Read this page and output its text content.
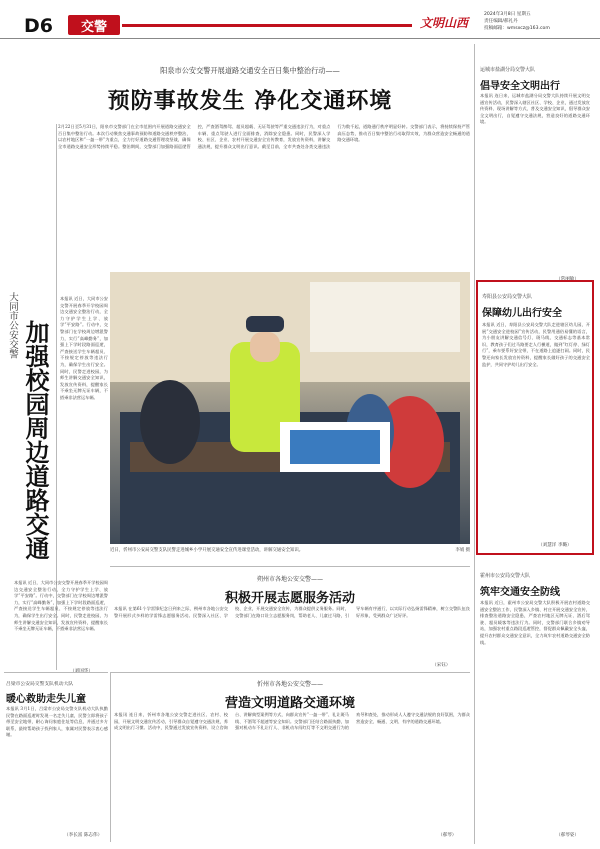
D6	交警	文明山西
2024年3月8日 星期五
责任编辑/郝礼丹
投稿邮箱：wmsxcz@163.com
阳泉市公安交警开展道路交通安全百日集中整治行动——
预防事故发生 净化交通环境
2月22日至5月31日，阳泉市交警部门在全市范围内开展道路交通安全百日集中整治行动。本次行动聚焦交通事故预防和道路交通秩序整治，以农村地区和“一盔一带”为重点，全力打好道路交通管理攻坚战，确保全市道路交通安全形势持续平稳。整治期间，交警部门加强路面巡逻管控，严查酒驾醉驾、超员超载、无证驾驶等严重交通违法行为，对重点车辆、重点驾驶人进行全面排查，消除安全隐患。同时，民警深入学校、社区、企业、农村开展交通安全宣传教育，发放宣传资料，讲解交通法规，提升群众文明出行意识。截至目前，全市共查处各类交通违法行为数千起，道路通行秩序明显好转。交警部门表示，将持续保持严管高压态势，推动百日集中整治行动取得实效，为群众营造安全畅通的道路交通环境。
大同市公安交警 加强校园周边道路交通
本报讯 近日，大同市公安交警开展春季开学校园周边交通安全整治行动，全力守护学生上学、放学“平安路”。行动中，交警部门在学校周边增派警力，实行“高峰勤务”，加强上下学时段路面巡逻，严查接送学生车辆超员、不按规定停放等违法行为，确保学生出行安全。同时，民警走进校园，为师生讲解交通安全知识，发放宣传资料，提醒家长不乘坐无牌无证车辆，不搭乘非法营运车辆。
本报讯 近日，大同市公安交警开展春季开学校园周边交通安全整治行动，全力守护学生上学、放学“平安路”。行动中，交警部门在学校周边增派警力，实行“高峰勤务”，加强上下学时段路面巡逻，严查接送学生车辆超员、不按规定停放等违法行为，确保学生出行安全。同时，民警走进校园，为师生讲解交通安全知识，发放宣传资料，提醒家长不乘坐无牌无证车辆，不搭乘非法营运车辆。
近日，忻州市公安局交警支队民警走进城乡小学开展交通安全宣传进课堂活动，讲解交通安全知识。	李娟 摄
朔州市各地公安交警——
积极开展志愿服务活动
本报讯 在第61个学雷锋纪念日到来之际，朔州市各地公安交警开展形式多样的学雷锋志愿服务活动。民警深入社区、学校、企业，开展交通安全宣传，为群众提供义务服务。同时，交警部门在路口设立志愿服务岗，帮助老人、儿童过马路，引导车辆有序通行，以实际行动弘扬雷锋精神，树立交警队伍良好形象，受到群众广泛好评。
（宋钰）
吕梁市公安局交警支队机动大队
暖心救助走失儿童
本报讯 3月1日，吕梁市公安局交警支队机动大队执勤民警在路面巡逻时发现一名走失儿童，民警立即将孩子带至安全地带，耐心询问家庭住址等信息，并通过多方联系，最终帮助孩子找到家人，家属对民警表示衷心感谢。
（李长富 陈志伟）
忻州市各地公安交警——
营造文明道路交通环境
本报讯 连日来，忻州市各地公安交警走进社区、农村、校园，开展文明交通宣传活动，引导群众自觉遵守交通法规，养成文明出行习惯。活动中，民警通过发放宣传资料、设立咨询台、讲解典型案例等方式，向群众宣传“一盔一带”、礼让斑马线、不酒驾不超速等安全知识。交警部门还结合路面执勤，加强对机动车不礼让行人、非机动车闯红灯等不文明交通行为的劝导和查处，推动形成人人遵守交通法规的良好氛围，为群众营造安全、畅通、文明、有序的道路交通环境。
（郝琴）
运城市盐湖分局交警大队
倡导安全文明出行
本报讯 连日来，运城市盐湖分局交警大队持续开展文明交通宣传活动，民警深入辖区社区、学校、企业，通过发放宣传资料、现场讲解等方式，普及交通安全知识，倡导群众安全文明出行，自觉遵守交通法规，营造良好的道路交通环境。
寿阳县公安局交警大队
保障幼儿出行安全
本报讯 近日，寿阳县公安局交警大队走进辖区幼儿园，开展“交通安全进校园”宣传活动，民警用通俗易懂的语言，为小朋友讲解交通信号灯、斑马线、交通标志等基本常识，教育孩子们过马路要走人行横道，做到“红灯停、绿灯行”，乘车要系好安全带，不在道路上追逐打闹。同时，民警还向家长发放宣传资料，提醒家长做好孩子的交通安全监护，共同守护幼儿出行安全。
（刘慧洋 李璐）
霍州市公安局交警大队
筑牢交通安全防线
本报讯 近日，霍州市公安局交警大队积极开展农村道路交通安全整治工作，民警深入乡镇、村庄开展交通安全宣传，排查整治道路安全隐患，严查农村地区无牌无证、酒后驾驶、超员载客等违法行为。同时，交警部门联合乡镇劝导站，加强农村重点路段巡逻管控，督促群众佩戴安全头盔，提升农村群众交通安全意识，全力筑牢农村道路交通安全防线。
（郝琴姿）
